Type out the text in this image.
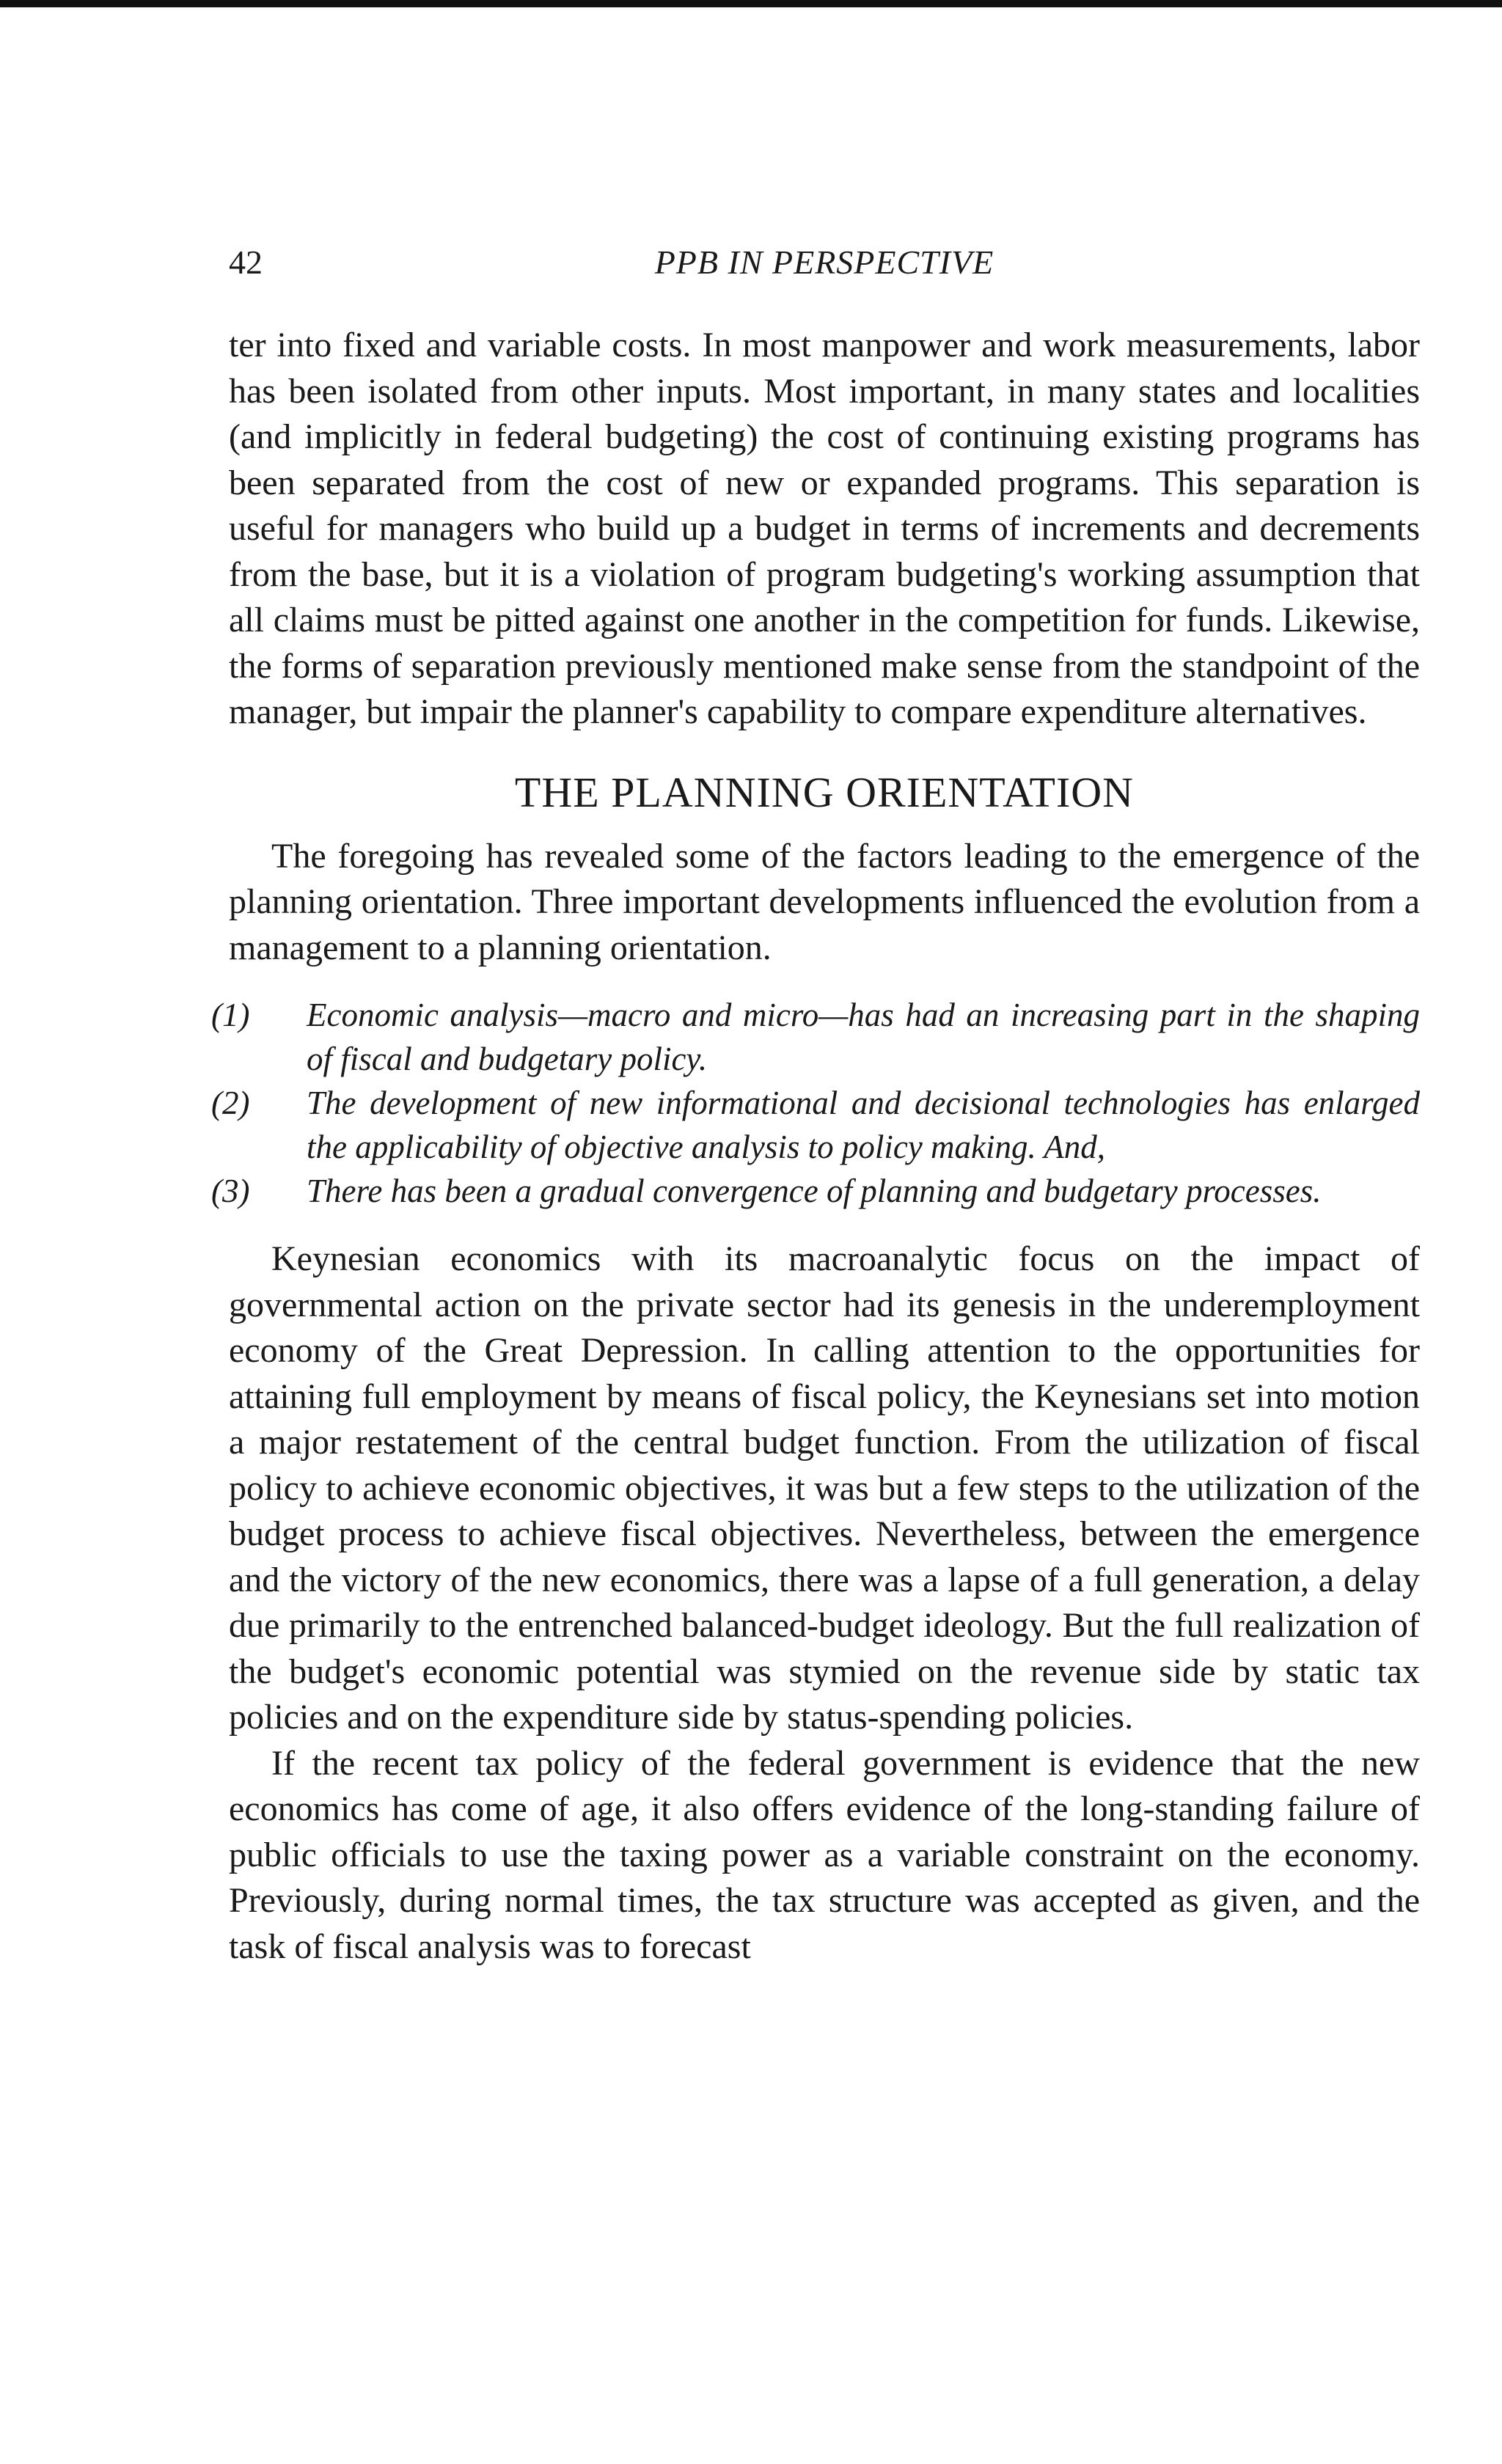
42	PPB IN PERSPECTIVE

ter into fixed and variable costs. In most manpower and work measurements, labor has been isolated from other inputs. Most important, in many states and localities (and implicitly in federal budgeting) the cost of continuing existing programs has been separated from the cost of new or expanded programs. This separation is useful for managers who build up a budget in terms of increments and decrements from the base, but it is a violation of program budgeting's working assumption that all claims must be pitted against one another in the competition for funds. Likewise, the forms of separation previously mentioned make sense from the standpoint of the manager, but impair the planner's capability to compare expenditure alternatives.

THE PLANNING ORIENTATION

The foregoing has revealed some of the factors leading to the emergence of the planning orientation. Three important developments influenced the evolution from a management to a planning orientation.

(1) Economic analysis—macro and micro—has had an increasing part in the shaping of fiscal and budgetary policy.
(2) The development of new informational and decisional technologies has enlarged the applicability of objective analysis to policy making. And,
(3) There has been a gradual convergence of planning and budgetary processes.

Keynesian economics with its macroanalytic focus on the impact of governmental action on the private sector had its genesis in the underemployment economy of the Great Depression. In calling attention to the opportunities for attaining full employment by means of fiscal policy, the Keynesians set into motion a major restatement of the central budget function. From the utilization of fiscal policy to achieve economic objectives, it was but a few steps to the utilization of the budget process to achieve fiscal objectives. Nevertheless, between the emergence and the victory of the new economics, there was a lapse of a full generation, a delay due primarily to the entrenched balanced-budget ideology. But the full realization of the budget's economic potential was stymied on the revenue side by static tax policies and on the expenditure side by status-spending policies.

If the recent tax policy of the federal government is evidence that the new economics has come of age, it also offers evidence of the long-standing failure of public officials to use the taxing power as a variable constraint on the economy. Previously, during normal times, the tax structure was accepted as given, and the task of fiscal analysis was to forecast
